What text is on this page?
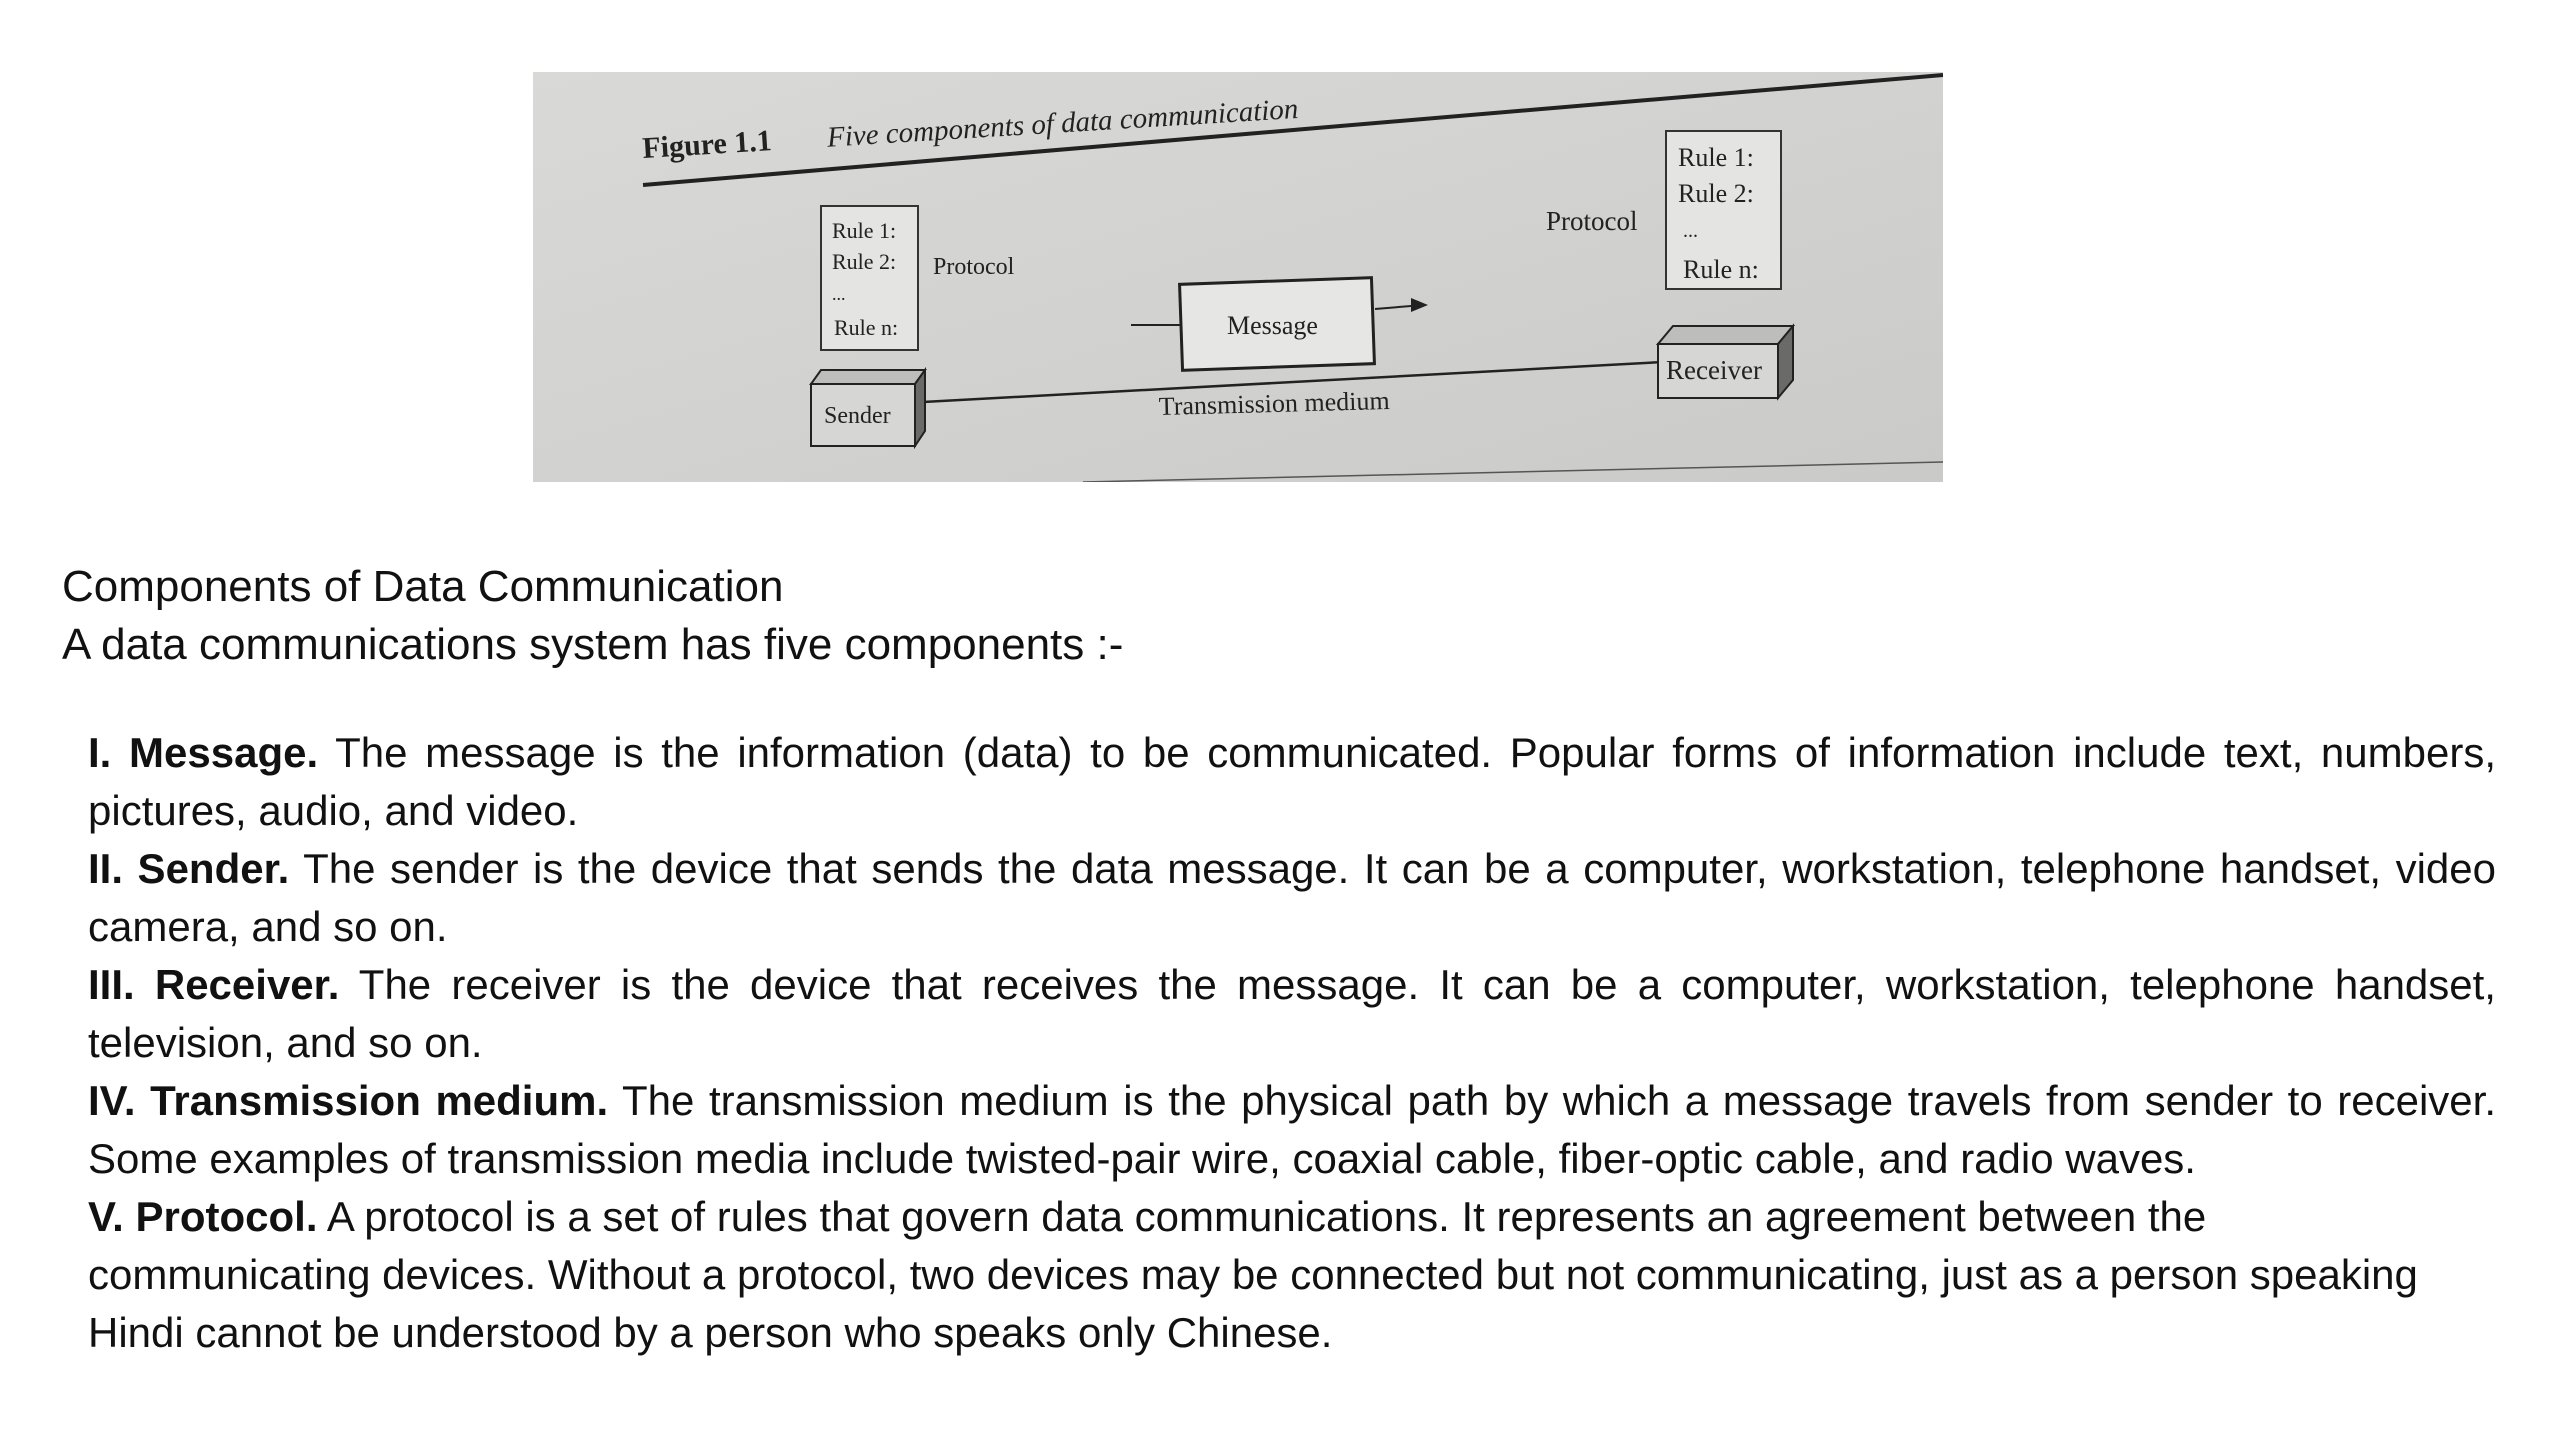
Figure 1.1 Five components of data communication
Rule 1:
Rule 2:
...
Rule n:
Protocol
Rule 1:
Rule 2:
...
Rule n:
Protocol
Message
Transmission medium
Sender
Receiver
Components of Data Communication
A data communications system has five components :-

I. Message. The message is the information (data) to be communicated. Popular forms of information include text, numbers, pictures, audio, and video.

II. Sender. The sender is the device that sends the data message. It can be a computer, workstation, telephone handset, video camera, and so on.

III. Receiver. The receiver is the device that receives the message. It can be a computer, workstation, telephone handset, television, and so on.

IV. Transmission medium. The transmission medium is the physical path by which a message travels from sender to receiver. Some examples of transmission media include twisted-pair wire, coaxial cable, fiber-optic cable, and radio waves.

V. Protocol. A protocol is a set of rules that govern data communications. It represents an agreement between the communicating devices. Without a protocol, two devices may be connected but not communicating, just as a person speaking Hindi cannot be understood by a person who speaks only Chinese.
